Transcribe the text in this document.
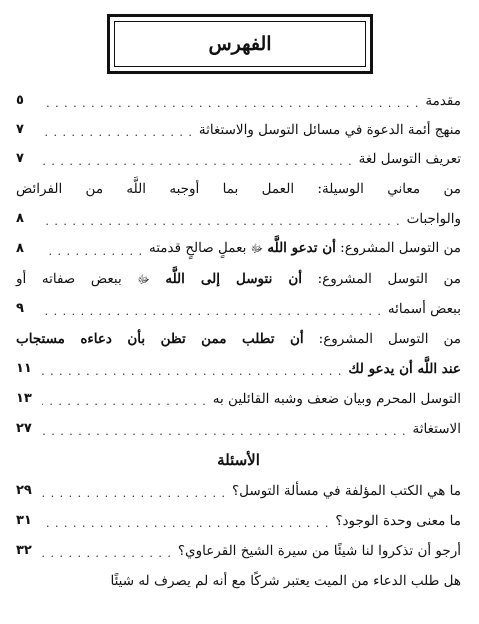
الفهرس
مقدمة
. . .
٥
منهج أئمة الدعوة في مسائل التوسل والاستغاثة
. . .
٧
تعريف التوسل لغة
. . .
٧
من معاني الوسيلة: العمل بما أوجبه اللَّه من الفرائض
والواجبات
. . .
٨
من التوسل المشروع: أن تدعو اللَّه ﷻ بعملٍ صالحٍ قدمته
. . .
٨
من التوسل المشروع: أن نتوسل إلى اللَّه ﷻ ببعض صفاته أو
ببعض أسمائه
. . .
٩
من التوسل المشروع: أن تطلب ممن تظن بأن دعاءه مستجاب
عند اللَّه أن يدعو لك
. . .
١١
التوسل المحرم وبيان ضعف وشبه القائلين به
. . .
١٣
الاستغاثة
. . .
٢٧
الأسئلة
ما هي الكتب المؤلفة في مسألة التوسل؟
. . .
٢٩
ما معنى وحدة الوجود؟
. . .
٣١
أرجو أن تذكروا لنا شيئًا من سيرة الشيخ القرعاوي؟
. . .
٣٢
هل طلب الدعاء من الميت يعتبر شركًا مع أنه لم يصرف له شيئًا
